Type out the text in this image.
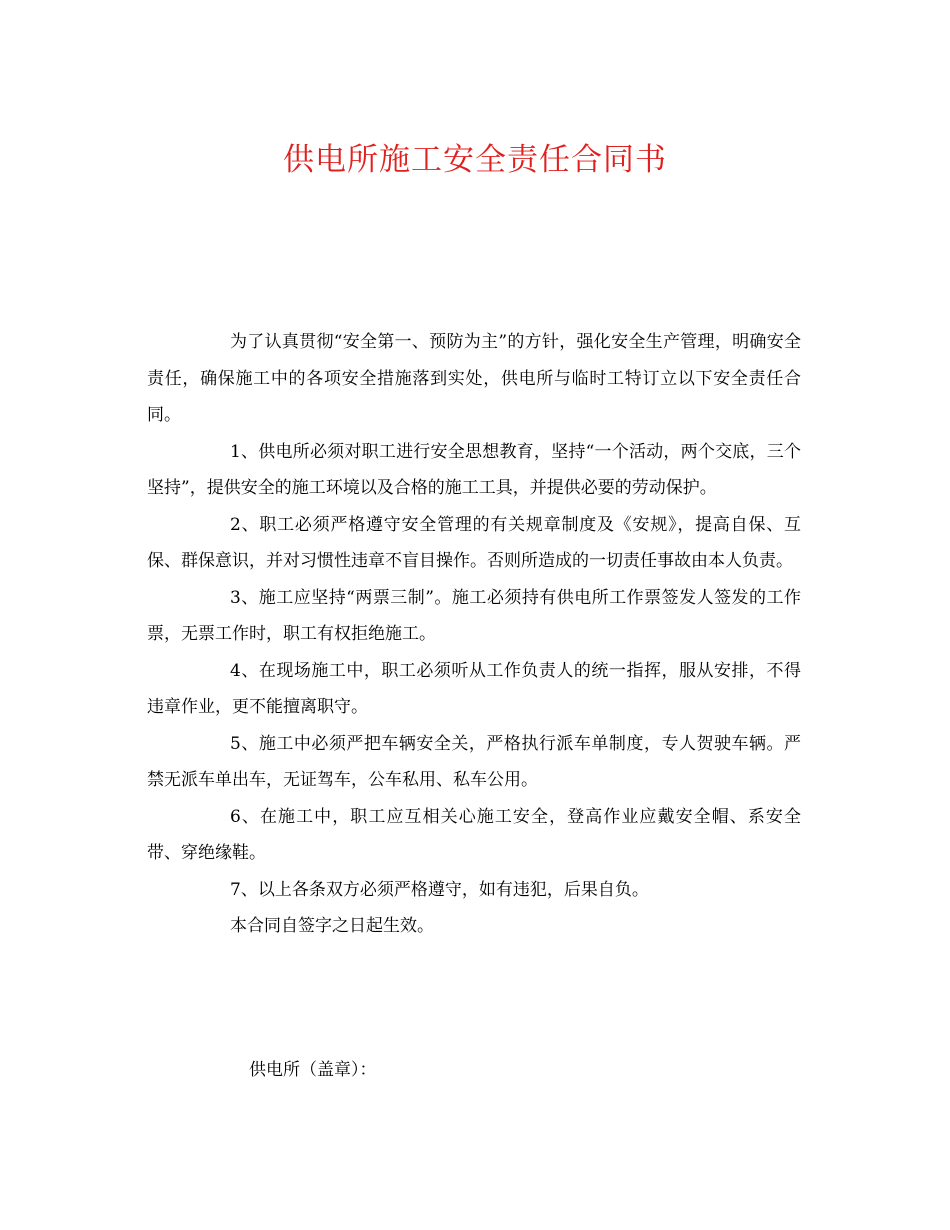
供电所施工安全责任合同书

为了认真贯彻“安全第一、预防为主”的方针，强化安全生产管理，明确安全责任，确保施工中的各项安全措施落到实处，供电所与临时工特订立以下安全责任合同。

1、供电所必须对职工进行安全思想教育，坚持“一个活动，两个交底，三个坚持”，提供安全的施工环境以及合格的施工工具，并提供必要的劳动保护。

2、职工必须严格遵守安全管理的有关规章制度及《安规》，提高自保、互保、群保意识，并对习惯性违章不盲目操作。否则所造成的一切责任事故由本人负责。

3、施工应坚持“两票三制”。施工必须持有供电所工作票签发人签发的工作票，无票工作时，职工有权拒绝施工。

4、在现场施工中，职工必须听从工作负责人的统一指挥，服从安排，不得违章作业，更不能擅离职守。

5、施工中必须严把车辆安全关，严格执行派车单制度，专人贺驶车辆。严禁无派车单出车，无证驾车，公车私用、私车公用。

6、在施工中，职工应互相关心施工安全，登高作业应戴安全帽、系安全带、穿绝缘鞋。

7、以上各条双方必须严格遵守，如有违犯，后果自负。

本合同自签字之日起生效。

供电所（盖章）：
